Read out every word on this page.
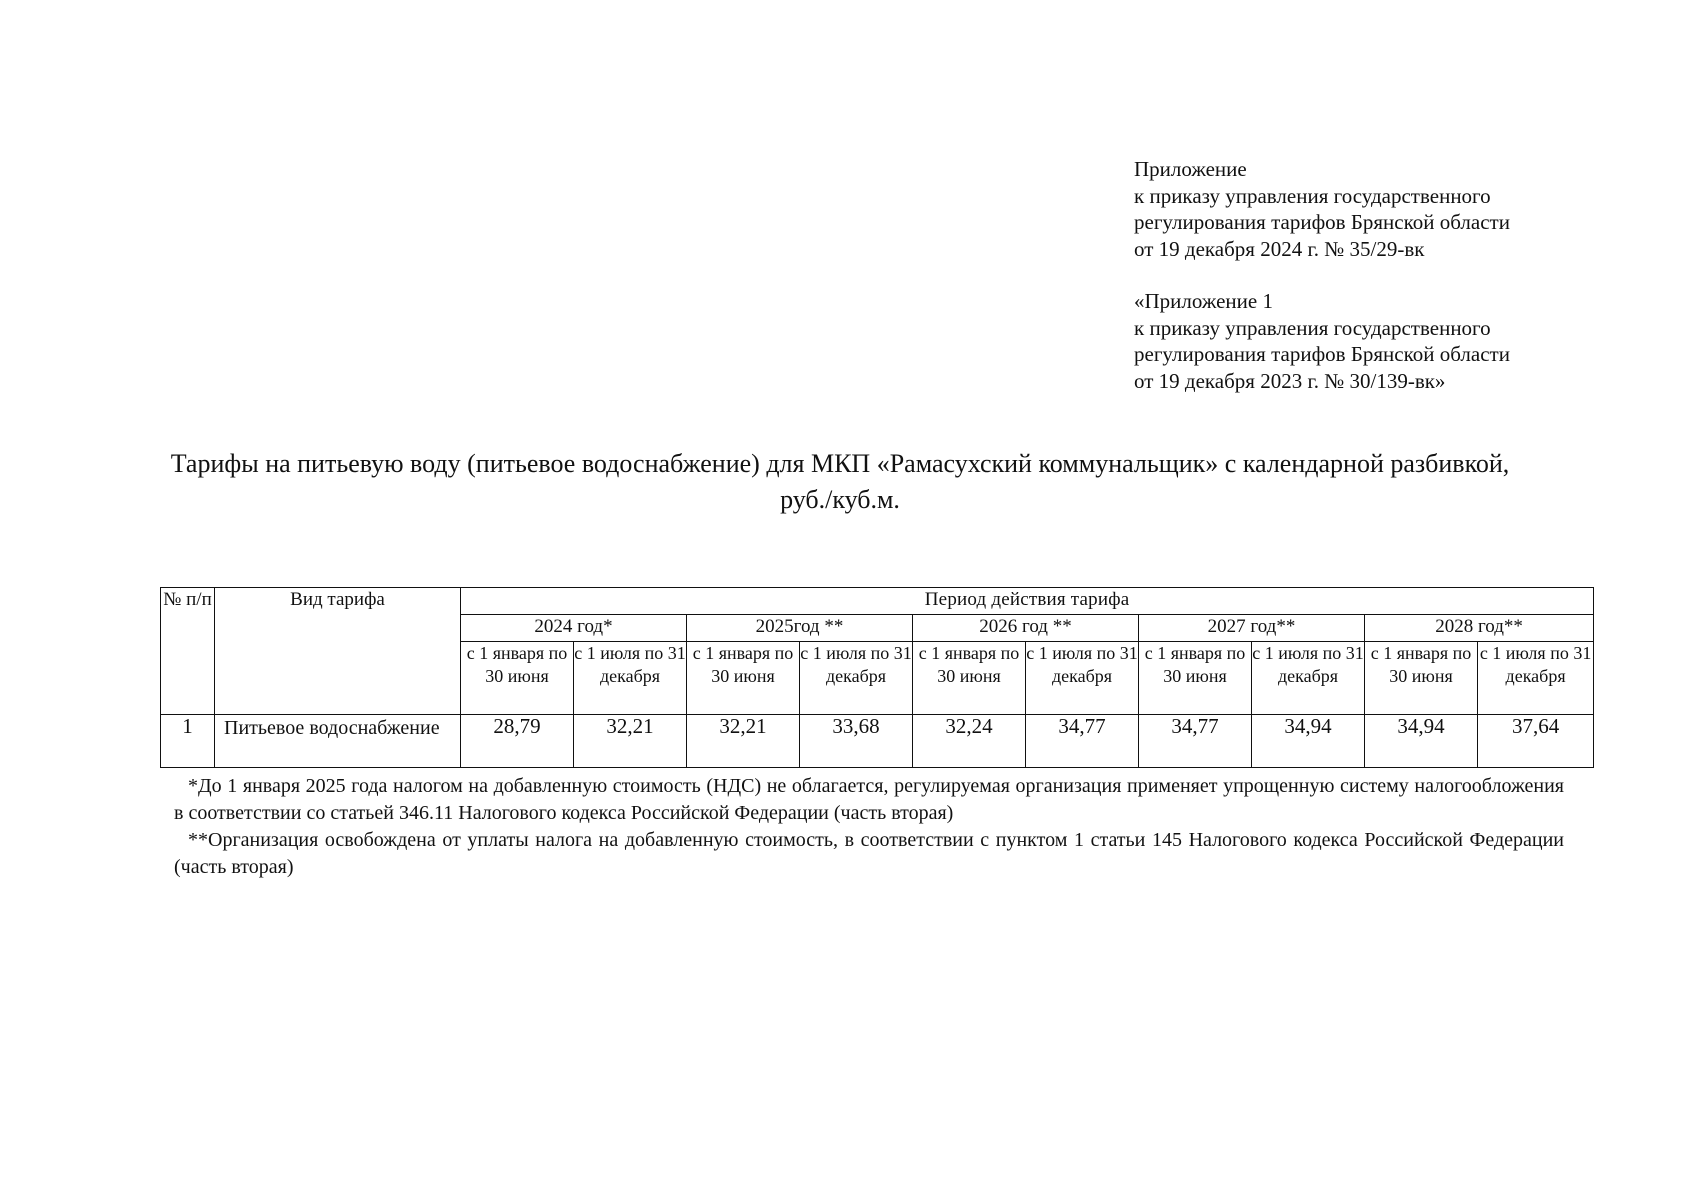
Приложение
к приказу управления государственного
регулирования тарифов Брянской области
от 19 декабря 2024 г. № 35/29-вк
«Приложение 1
к приказу управления государственного
регулирования тарифов Брянской области
от 19 декабря 2023 г. № 30/139-вк»
Тарифы на питьевую воду (питьевое водоснабжение) для МКП «Рамасухский коммунальщик» с календарной разбивкой,
руб./куб.м.
№ п/п	Вид тарифа	Период действия тарифа									
		2024 год*		2025год **		2026 год **		2027 год**		2028 год**	
		с 1 января по 30 июня	с 1 июля по 31 декабря	с 1 января по 30 июня	с 1 июля по 31 декабря	с 1 января по 30 июня	с 1 июля по 31 декабря	с 1 января по 30 июня	с 1 июля по 31 декабря	с 1 января по 30 июня	с 1 июля по 31 декабря
1	Питьевое водоснабжение	28,79	32,21	32,21	33,68	32,24	34,77	34,77	34,94	34,94	37,64

*До 1 января 2025 года налогом на добавленную стоимость (НДС) не облагается, регулируемая организация применяет упрощенную систему налогообложения в соответствии со статьей 346.11 Налогового кодекса Российской Федерации (часть вторая)

**Организация освобождена от уплаты налога на добавленную стоимость, в соответствии с пунктом 1 статьи 145 Налогового кодекса Российской Федерации (часть вторая)
